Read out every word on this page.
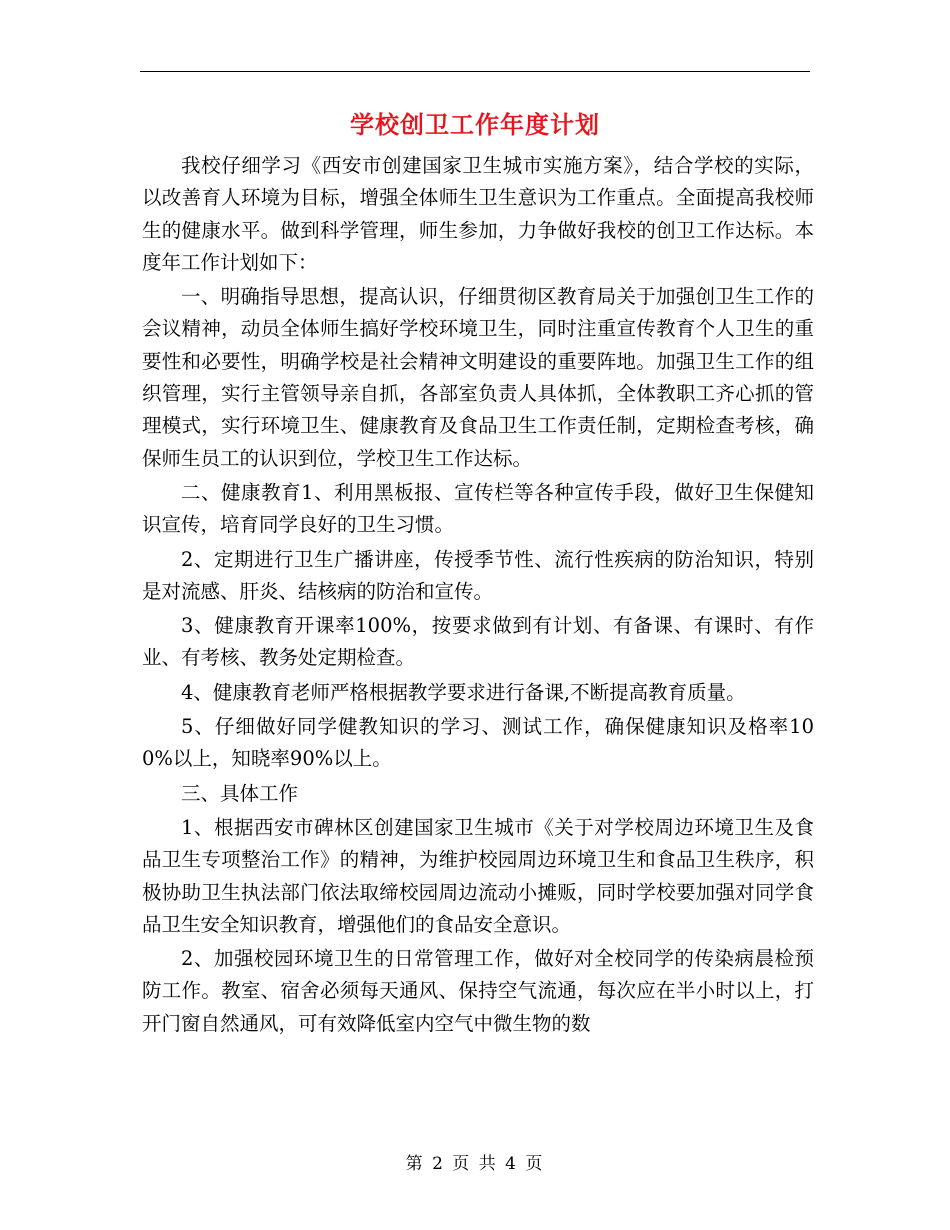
学校创卫工作年度计划

我校仔细学习《西安市创建国家卫生城市实施方案》，结合学校的实际，以改善育人环境为目标，增强全体师生卫生意识为工作重点。全面提高我校师生的健康水平。做到科学管理，师生参加，力争做好我校的创卫工作达标。本度年工作计划如下：

一、明确指导思想，提高认识，仔细贯彻区教育局关于加强创卫生工作的会议精神，动员全体师生搞好学校环境卫生，同时注重宣传教育个人卫生的重要性和必要性，明确学校是社会精神文明建设的重要阵地。加强卫生工作的组织管理，实行主管领导亲自抓，各部室负责人具体抓，全体教职工齐心抓的管理模式，实行环境卫生、健康教育及食品卫生工作责任制，定期检查考核，确保师生员工的认识到位，学校卫生工作达标。

二、健康教育1、利用黑板报、宣传栏等各种宣传手段，做好卫生保健知识宣传，培育同学良好的卫生习惯。

2、定期进行卫生广播讲座，传授季节性、流行性疾病的防治知识，特别是对流感、肝炎、结核病的防治和宣传。

3、健康教育开课率100%，按要求做到有计划、有备课、有课时、有作业、有考核、教务处定期检查。

4、健康教育老师严格根据教学要求进行备课,不断提高教育质量。

5、仔细做好同学健教知识的学习、测试工作，确保健康知识及格率100%以上，知晓率90%以上。

三、具体工作

1、根据西安市碑林区创建国家卫生城市《关于对学校周边环境卫生及食品卫生专项整治工作》的精神，为维护校园周边环境卫生和食品卫生秩序，积极协助卫生执法部门依法取缔校园周边流动小摊贩，同时学校要加强对同学食品卫生安全知识教育，增强他们的食品安全意识。

2、加强校园环境卫生的日常管理工作，做好对全校同学的传染病晨检预防工作。教室、宿舍必须每天通风、保持空气流通，每次应在半小时以上，打开门窗自然通风，可有效降低室内空气中微生物的数

第 2 页 共 4 页
